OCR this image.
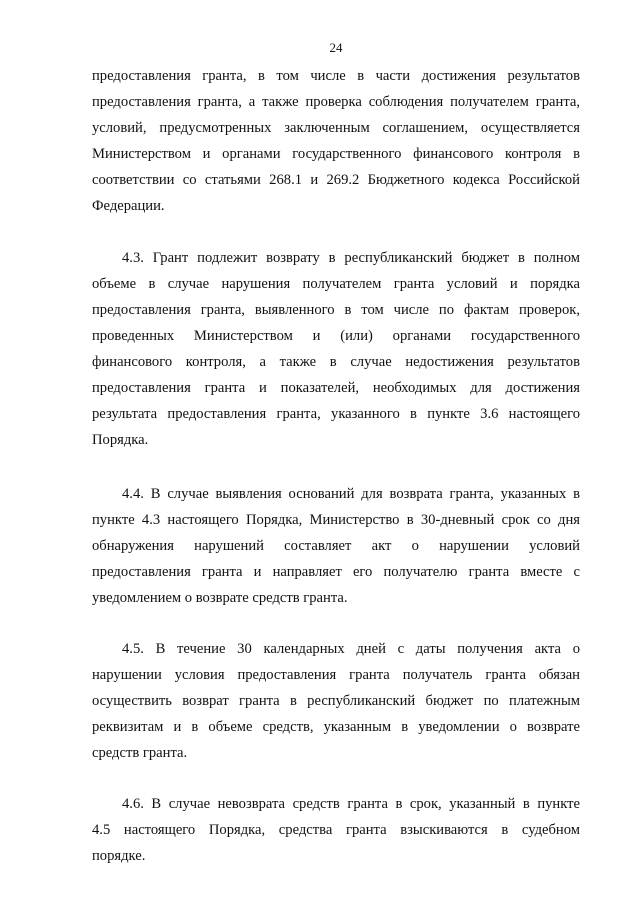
24
предоставления гранта, в том числе в части достижения результатов
предоставления гранта, а также проверка соблюдения получателем гранта,
условий, предусмотренных заключенным соглашением, осуществляется
Министерством и органами государственного финансового контроля в
соответствии со статьями 268.1 и 269.2 Бюджетного кодекса Российской
Федерации.
4.3. Грант подлежит возврату в республиканский бюджет в полном
объеме в случае нарушения получателем гранта условий и порядка
предоставления гранта, выявленного в том числе по фактам проверок,
проведенных Министерством и (или) органами государственного
финансового контроля, а также в случае недостижения результатов
предоставления гранта и показателей, необходимых для достижения
результата предоставления гранта, указанного в пункте 3.6 настоящего
Порядка.
4.4. В случае выявления оснований для возврата гранта, указанных в
пункте 4.3 настоящего Порядка, Министерство в 30-дневный срок со дня
обнаружения нарушений составляет акт о нарушении условий
предоставления гранта и направляет его получателю гранта вместе с
уведомлением о возврате средств гранта.
4.5. В течение 30 календарных дней с даты получения акта о
нарушении условия предоставления гранта получатель гранта обязан
осуществить возврат гранта в республиканский бюджет по платежным
реквизитам и в объеме средств, указанным в уведомлении о возврате
средств гранта.
4.6. В случае невозврата средств гранта в срок, указанный в пункте
4.5 настоящего Порядка, средства гранта взыскиваются в судебном
порядке.
